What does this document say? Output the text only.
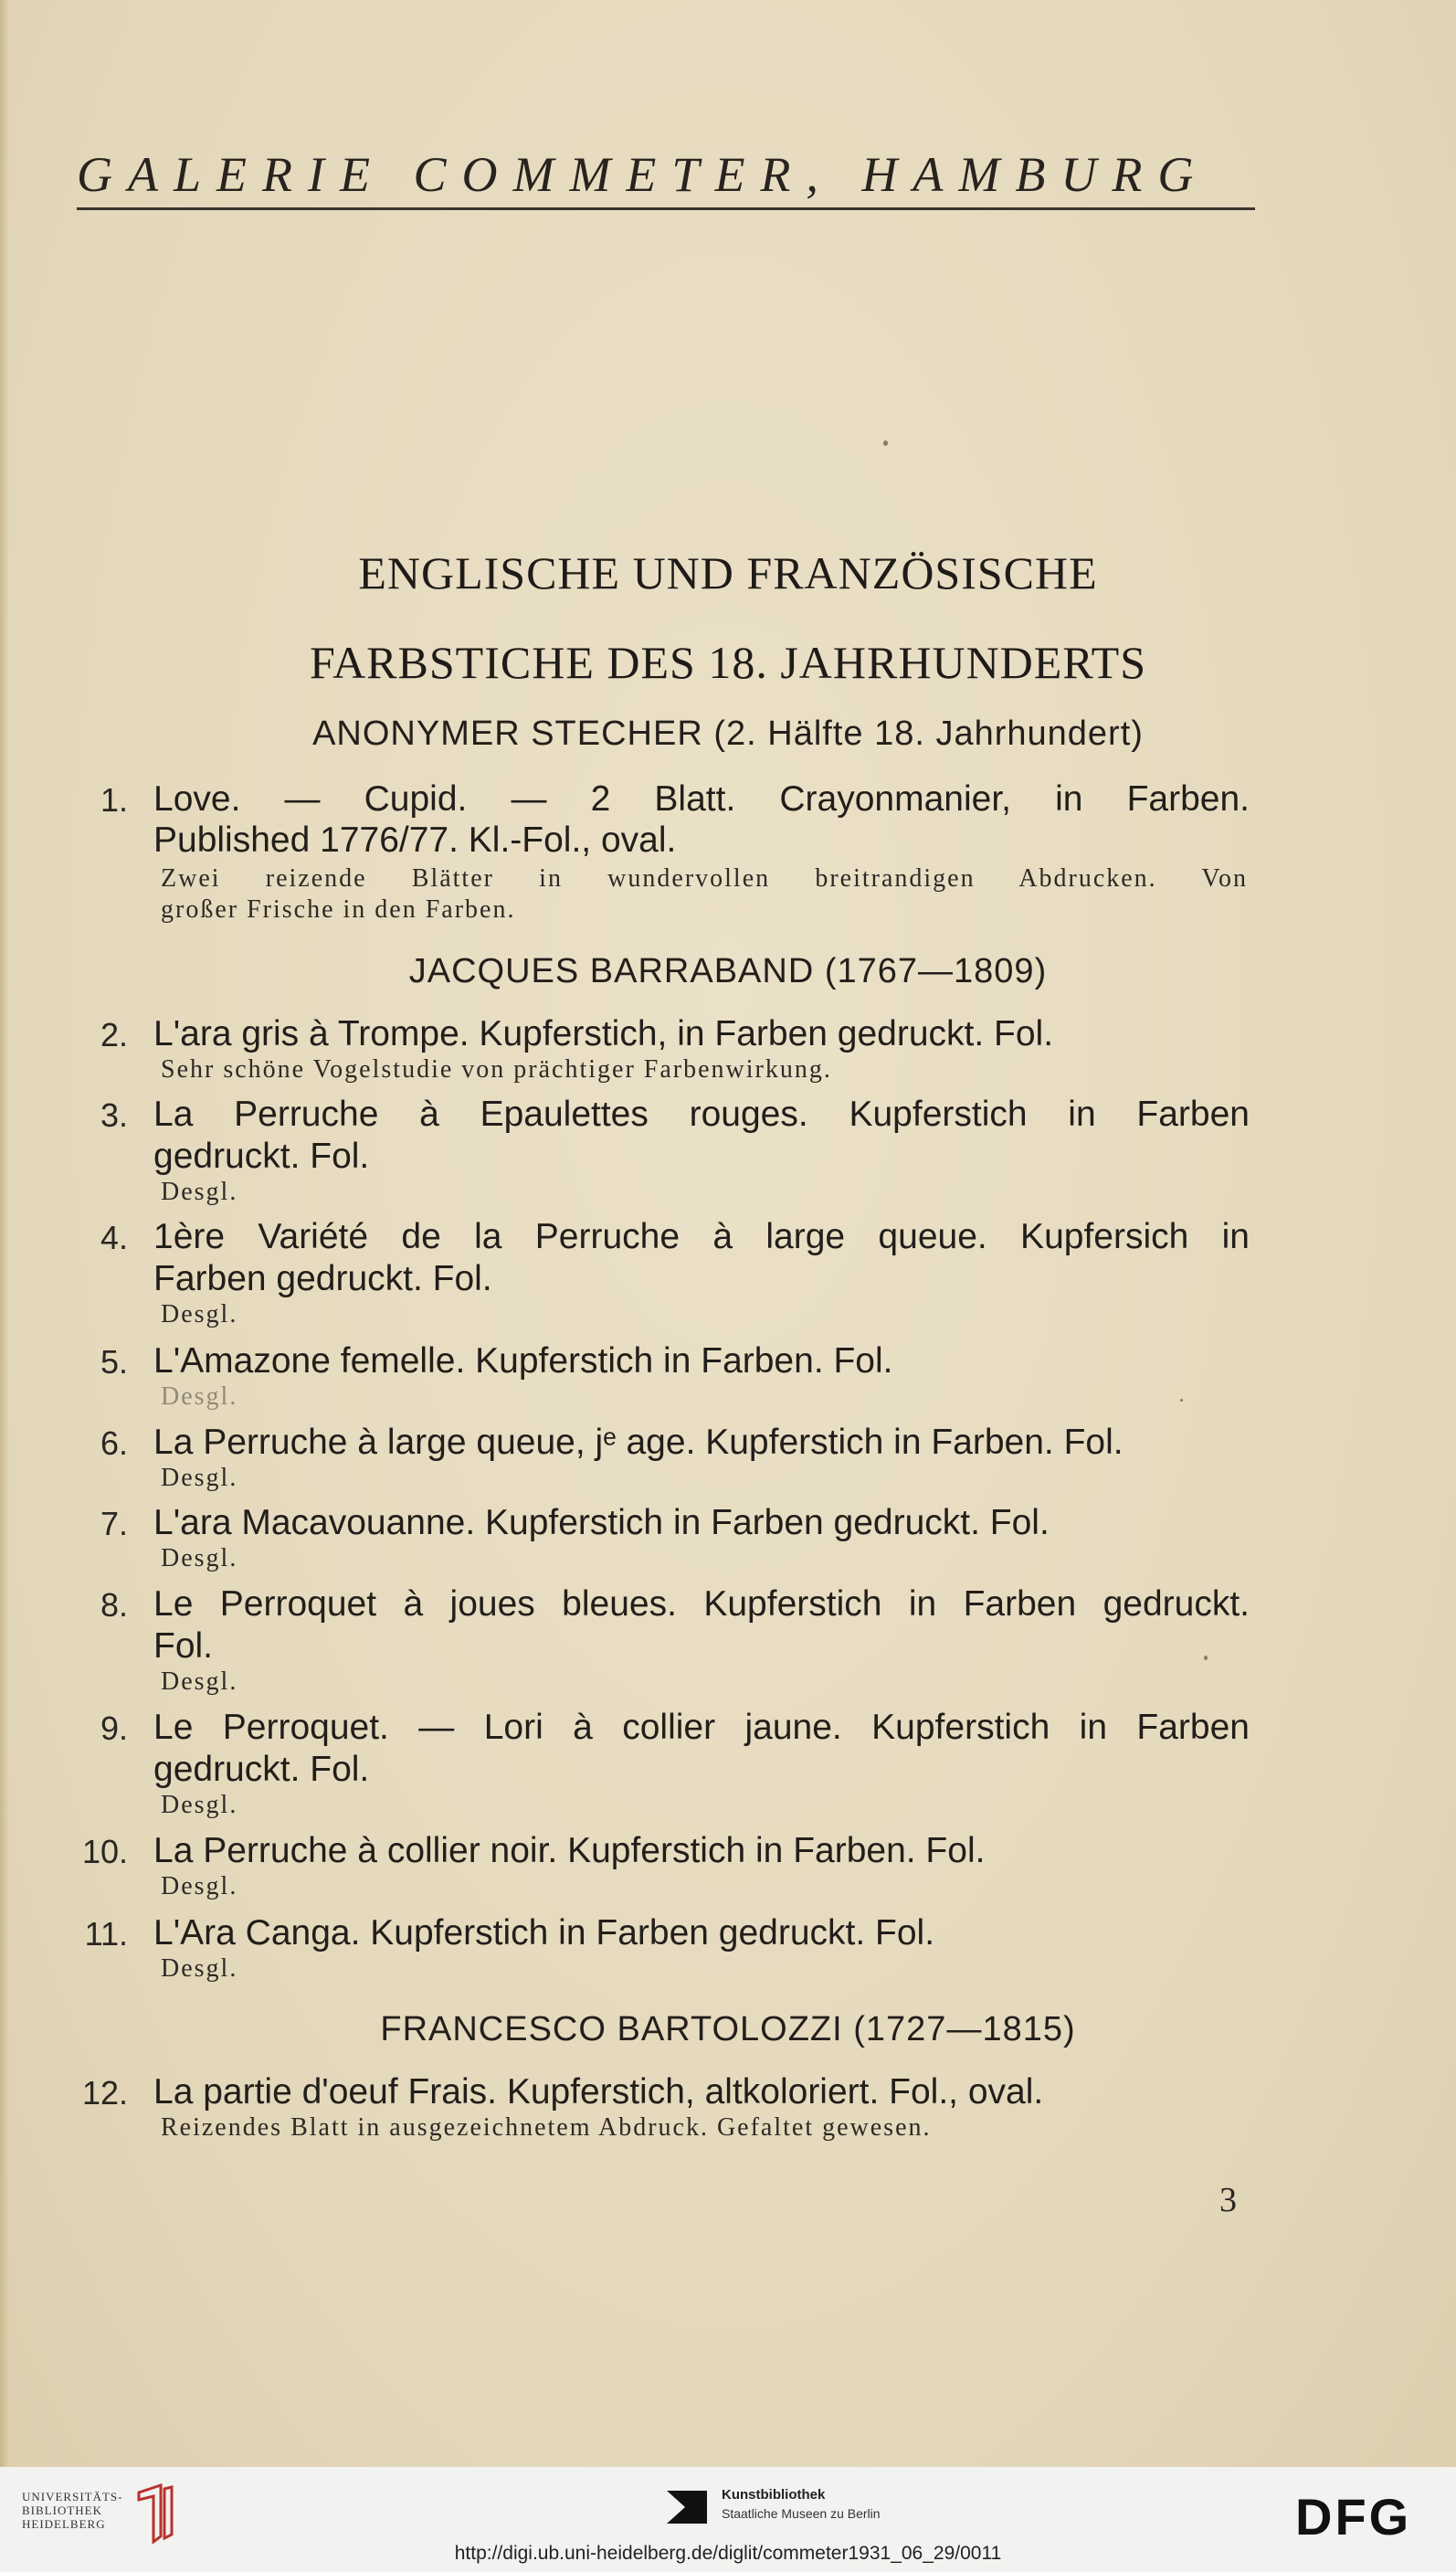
GALERIE COMMETER, HAMBURG
ENGLISCHE UND FRANZÖSISCHE
FARBSTICHE DES 18. JAHRHUNDERTS
ANONYMER STECHER (2. Hälfte 18. Jahrhundert)
1. Love. — Cupid. — 2 Blatt. Crayonmanier, in Farben.
Published 1776/77. Kl.-Fol., oval.
Zwei reizende Blätter in wundervollen breitrandigen Abdrucken. Von
großer Frische in den Farben.
JACQUES BARRABAND (1767—1809)
2. L'ara gris à Trompe. Kupferstich, in Farben gedruckt. Fol.
Sehr schöne Vogelstudie von prächtiger Farbenwirkung.
3. La Perruche à Epaulettes rouges. Kupferstich in Farben
gedruckt. Fol.
Desgl.
4. 1ère Variété de la Perruche à large queue. Kupfersich in
Farben gedruckt. Fol.
Desgl.
5. L'Amazone femelle. Kupferstich in Farben. Fol.
Desgl.
6. La Perruche à large queue, jᵉ age. Kupferstich in Farben. Fol.
Desgl.
7. L'ara Macavouanne. Kupferstich in Farben gedruckt. Fol.
Desgl.
8. Le Perroquet à joues bleues. Kupferstich in Farben gedruckt.
Fol.
Desgl.
9. Le Perroquet. — Lori à collier jaune. Kupferstich in Farben
gedruckt. Fol.
Desgl.
10. La Perruche à collier noir. Kupferstich in Farben. Fol.
Desgl.
11. L'Ara Canga. Kupferstich in Farben gedruckt. Fol.
Desgl.
FRANCESCO BARTOLOZZI (1727—1815)
12. La partie d'oeuf Frais. Kupferstich, altkoloriert. Fol., oval.
Reizendes Blatt in ausgezeichnetem Abdruck. Gefaltet gewesen.
3
UNIVERSITÄTS-
BIBLIOTHEK
HEIDELBERG
Kunstbibliothek
Staatliche Museen zu Berlin	DFG
http://digi.ub.uni-heidelberg.de/diglit/commeter1931_06_29/0011
